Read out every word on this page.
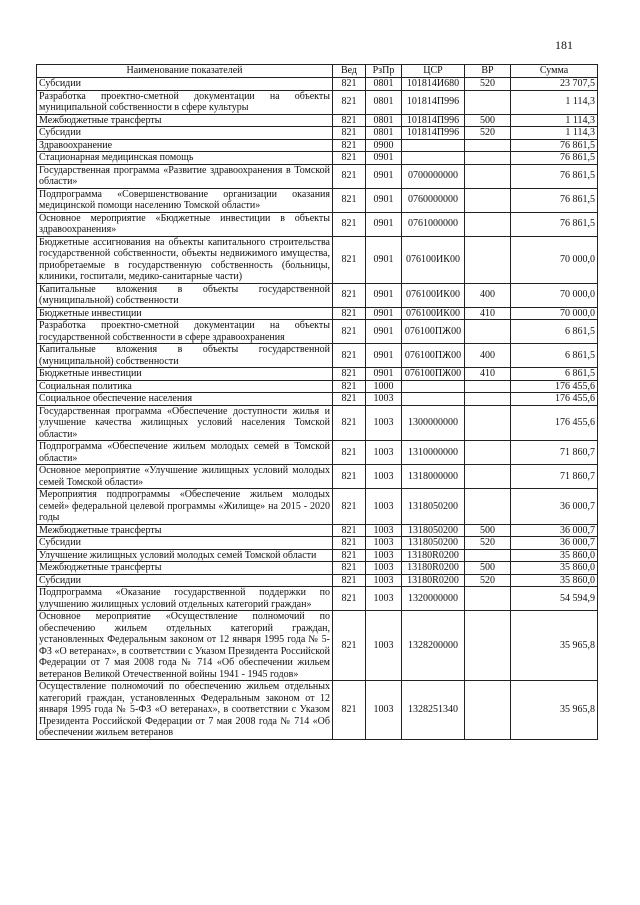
181
Наименование показателей	Вед	РзПр	ЦСР	ВР	Сумма
Субсидии	821	0801	101814И680	520	23 707,5
Разработка проектно-сметной документации на объекты муниципальной собственности в сфере культуры	821	0801	101814П996		1 114,3
Межбюджетные трансферты	821	0801	101814П996	500	1 114,3
Субсидии	821	0801	101814П996	520	1 114,3
Здравоохранение	821	0900			76 861,5
Стационарная медицинская помощь	821	0901			76 861,5
Государственная программа «Развитие здравоохранения в Томской области»	821	0901	0700000000		76 861,5
Подпрограмма «Совершенствование организации оказания медицинской помощи населению Томской области»	821	0901	0760000000		76 861,5
Основное мероприятие «Бюджетные инвестиции в объекты здравоохранения»	821	0901	0761000000		76 861,5
Бюджетные ассигнования на объекты капитального строительства государственной собственности, объекты недвижимого имущества, приобретаемые в государственную собственность (больницы, клиники, госпитали, медико-санитарные части)	821	0901	076100ИК00		70 000,0
Капитальные вложения в объекты государственной (муниципальной) собственности	821	0901	076100ИК00	400	70 000,0
Бюджетные инвестиции	821	0901	076100ИК00	410	70 000,0
Разработка проектно-сметной документации на объекты государственной собственности в сфере здравоохранения	821	0901	076100ПЖ00		6 861,5
Капитальные вложения в объекты государственной (муниципальной) собственности	821	0901	076100ПЖ00	400	6 861,5
Бюджетные инвестиции	821	0901	076100ПЖ00	410	6 861,5
Социальная политика	821	1000			176 455,6
Социальное обеспечение населения	821	1003			176 455,6
Государственная программа «Обеспечение доступности жилья и улучшение качества жилищных условий населения Томской области»	821	1003	1300000000		176 455,6
Подпрограмма «Обеспечение жильем молодых семей в Томской области»	821	1003	1310000000		71 860,7
Основное мероприятие «Улучшение жилищных условий молодых семей Томской области»	821	1003	1318000000		71 860,7
Мероприятия подпрограммы «Обеспечение жильем молодых семей» федеральной целевой программы «Жилище» на 2015 - 2020 годы	821	1003	1318050200		36 000,7
Межбюджетные трансферты	821	1003	1318050200	500	36 000,7
Субсидии	821	1003	1318050200	520	36 000,7
Улучшение жилищных условий молодых семей Томской области	821	1003	13180R0200		35 860,0
Межбюджетные трансферты	821	1003	13180R0200	500	35 860,0
Субсидии	821	1003	13180R0200	520	35 860,0
Подпрограмма «Оказание государственной поддержки по улучшению жилищных условий отдельных категорий граждан»	821	1003	1320000000		54 594,9
Основное мероприятие «Осуществление полномочий по обеспечению жильем отдельных категорий граждан, установленных Федеральным законом от 12 января 1995 года № 5-ФЗ «О ветеранах», в соответствии с Указом Президента Российской Федерации от 7 мая 2008 года № 714 «Об обеспечении жильем ветеранов Великой Отечественной войны 1941 - 1945 годов»	821	1003	1328200000		35 965,8
Осуществление полномочий по обеспечению жильем отдельных категорий граждан, установленных Федеральным законом от 12 января 1995 года № 5-ФЗ «О ветеранах», в соответствии с Указом Президента Российской Федерации от 7 мая 2008 года № 714 «Об обеспечении жильем ветеранов	821	1003	1328251340		35 965,8
